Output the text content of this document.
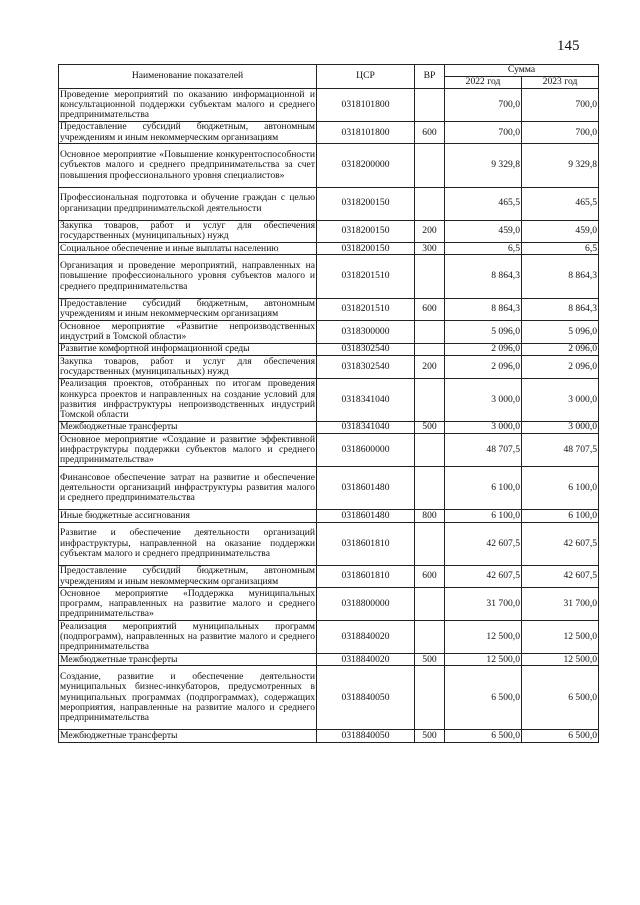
145
Наименование показателей	ЦСР	ВР	Сумма	
			2022 год	2023 год
Проведение мероприятий по оказанию информационной и консультационной поддержки субъектам малого и среднего предпринимательства	0318101800		700,0	700,0
Предоставление субсидий бюджетным, автономным учреждениям и иным некоммерческим организациям	0318101800	600	700,0	700,0
Основное мероприятие «Повышение конкурентоспособности субъектов малого и среднего предпринимательства за счет повышения профессионального уровня специалистов»	0318200000		9 329,8	9 329,8
Профессиональная подготовка и обучение граждан с целью организации предпринимательской деятельности	0318200150		465,5	465,5
Закупка товаров, работ и услуг для обеспечения государственных (муниципальных) нужд	0318200150	200	459,0	459,0
Социальное обеспечение и иные выплаты населению	0318200150	300	6,5	6,5
Организация и проведение мероприятий, направленных на повышение профессионального уровня субъектов малого и среднего предпринимательства	0318201510		8 864,3	8 864,3
Предоставление субсидий бюджетным, автономным учреждениям и иным некоммерческим организациям	0318201510	600	8 864,3	8 864,3
Основное мероприятие «Развитие непроизводственных индустрий в Томской области»	0318300000		5 096,0	5 096,0
Развитие комфортной информационной среды	0318302540		2 096,0	2 096,0
Закупка товаров, работ и услуг для обеспечения государственных (муниципальных) нужд	0318302540	200	2 096,0	2 096,0
Реализация проектов, отобранных по итогам проведения конкурса проектов и направленных на создание условий для развития инфраструктуры непроизводственных индустрий Томской области	0318341040		3 000,0	3 000,0
Межбюджетные трансферты	0318341040	500	3 000,0	3 000,0
Основное мероприятие «Создание и развитие эффективной инфраструктуры поддержки субъектов малого и среднего предпринимательства»	0318600000		48 707,5	48 707,5
Финансовое обеспечение затрат на развитие и обеспечение деятельности организаций инфраструктуры развития малого и среднего предпринимательства	0318601480		6 100,0	6 100,0
Иные бюджетные ассигнования	0318601480	800	6 100,0	6 100,0
Развитие и обеспечение деятельности организаций инфраструктуры, направленной на оказание поддержки субъектам малого и среднего предпринимательства	0318601810		42 607,5	42 607,5
Предоставление субсидий бюджетным, автономным учреждениям и иным некоммерческим организациям	0318601810	600	42 607,5	42 607,5
Основное мероприятие «Поддержка муниципальных программ, направленных на развитие малого и среднего предпринимательства»	0318800000		31 700,0	31 700,0
Реализация мероприятий муниципальных программ (подпрограмм), направленных на развитие малого и среднего предпринимательства	0318840020		12 500,0	12 500,0
Межбюджетные трансферты	0318840020	500	12 500,0	12 500,0
Создание, развитие и обеспечение деятельности муниципальных бизнес-инкубаторов, предусмотренных в муниципальных программах (подпрограммах), содержащих мероприятия, направленные на развитие малого и среднего предпринимательства	0318840050		6 500,0	6 500,0
Межбюджетные трансферты	0318840050	500	6 500,0	6 500,0
